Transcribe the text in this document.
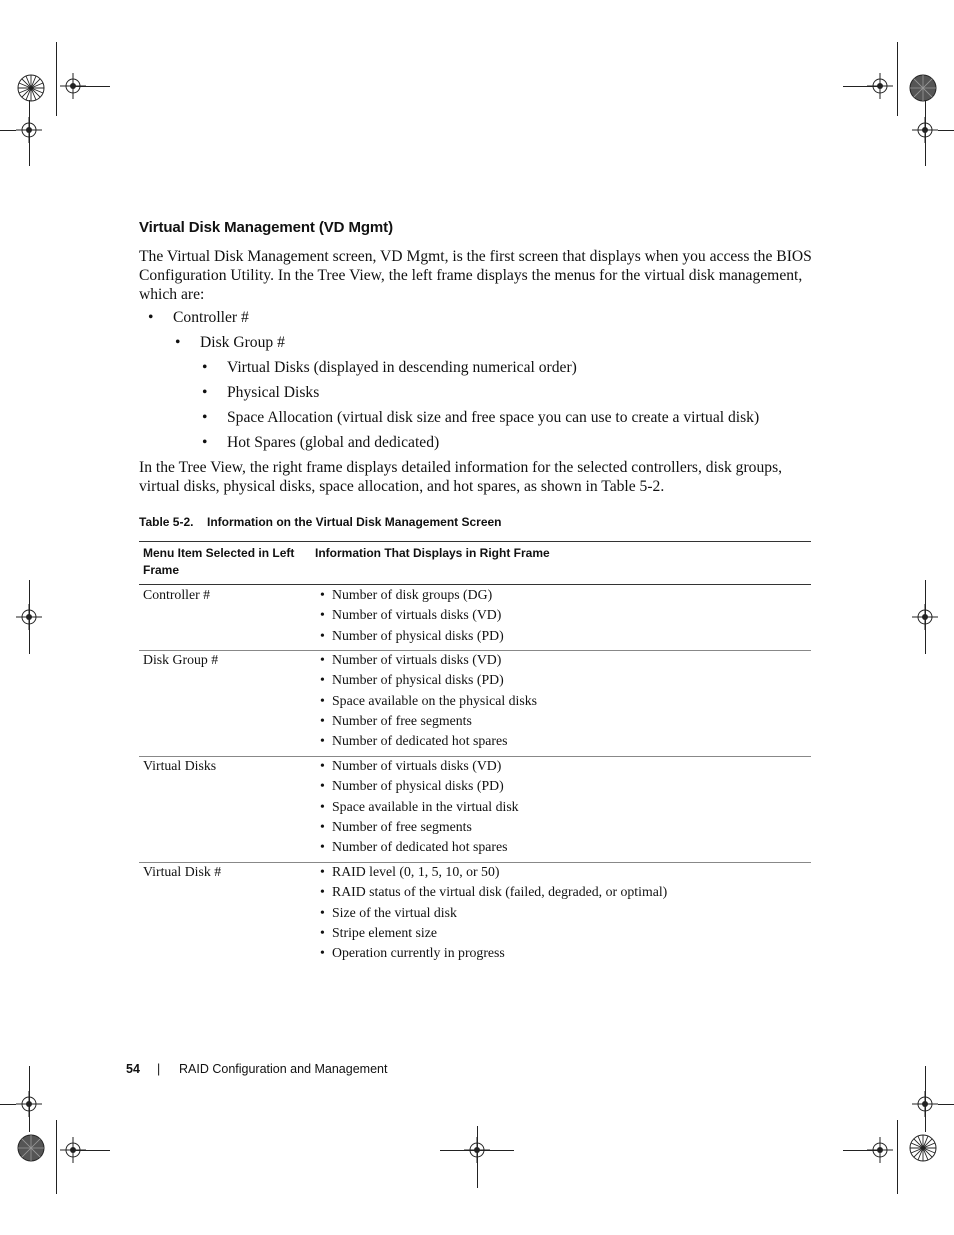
Virtual Disk Management (VD Mgmt)

The Virtual Disk Management screen, VD Mgmt, is the first screen that displays when you access the BIOS Configuration Utility. In the Tree View, the left frame displays the menus for the virtual disk management, which are:

• Controller #
• Disk Group #
• Virtual Disks (displayed in descending numerical order)
• Physical Disks
• Space Allocation (virtual disk size and free space you can use to create a virtual disk)
• Hot Spares (global and dedicated)

In the Tree View, the right frame displays detailed information for the selected controllers, disk groups, virtual disks, physical disks, space allocation, and hot spares, as shown in Table 5-2.

Table 5-2. Information on the Virtual Disk Management Screen
Menu Item Selected in Left Frame
Information That Displays in Right Frame
Controller #	• Number of disk groups (DG)
• Number of virtuals disks (VD)
• Number of physical disks (PD)
Disk Group #	• Number of virtuals disks (VD)
• Number of physical disks (PD)
• Space available on the physical disks
• Number of free segments
• Number of dedicated hot spares
Virtual Disks	• Number of virtuals disks (VD)
• Number of physical disks (PD)
• Space available in the virtual disk
• Number of free segments
• Number of dedicated hot spares
Virtual Disk #	• RAID level (0, 1, 5, 10, or 50)
• RAID status of the virtual disk (failed, degraded, or optimal)
• Size of the virtual disk
• Stripe element size
• Operation currently in progress
54 | RAID Configuration and Management
